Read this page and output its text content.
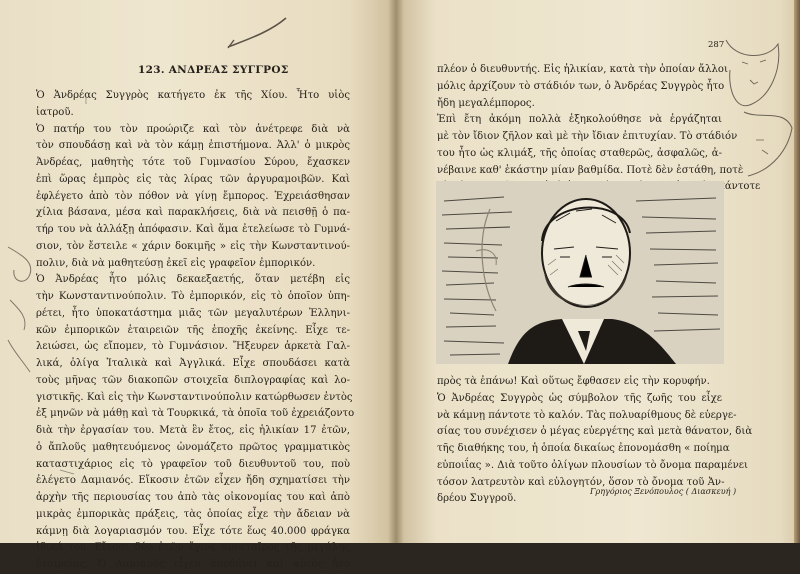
123. ΑΝΔΡΕΑΣ ΣΥΓΓΡΟΣ
Ὁ Ἀνδρέας Συγγρὸς κατήγετο ἐκ τῆς Χίου. Ἦτο υἱὸς
ἰατροῦ.
Ὁ πατήρ του τὸν προώριζε καὶ τὸν ἀνέτρεφε διὰ νὰ
τὸν σπουδάσῃ καὶ νὰ τὸν κάμῃ ἐπιστήμονα. Ἀλλ' ὁ μικρὸς
Ἀνδρέας, μαθητὴς τότε τοῦ Γυμνασίου Σύρου, ἔχασκεν
ἐπὶ ὥρας ἐμπρὸς εἰς τὰς λίρας τῶν ἀργυραμοιβῶν. Καὶ
ἐφλέγετο ἀπὸ τὸν πόθον νὰ γίνῃ ἔμπορος. Ἐχρειάσθησαν
χίλια βάσανα, μέσα καὶ παρακλήσεις, διὰ νὰ πεισθῇ ὁ πα-
τήρ του νὰ ἀλλάξῃ ἀπόφασιν. Καὶ ἅμα ἐτελείωσε τὸ Γυμνά-
σιον, τὸν ἔστειλε « χάριν δοκιμῆς » εἰς τὴν Κωνσταντινού-
πολιν, διὰ νὰ μαθητεύσῃ ἐκεῖ εἰς γραφεῖον ἐμπορικόν.
Ὁ Ἀνδρέας ἦτο μόλις δεκαεξαετής, ὅταν μετέβη εἰς
τὴν Κωνσταντινούπολιν. Τὸ ἐμπορικόν, εἰς τὸ ὁποῖον ὑπη-
ρέτει, ἦτο ὑποκατάστημα μιᾶς τῶν μεγαλυτέρων Ἑλληνι-
κῶν ἐμπορικῶν ἑταιρειῶν τῆς ἐποχῆς ἐκείνης. Εἶχε τε-
λειώσει, ὡς εἴπομεν, τὸ Γυμνάσιον. Ἤξευρεν ἀρκετὰ Γαλ-
λικά, ὀλίγα Ἰταλικὰ καὶ Ἀγγλικά. Εἶχε σπουδάσει κατὰ
τοὺς μῆνας τῶν διακοπῶν στοιχεῖα διπλογραφίας καὶ λο-
γιστικῆς. Καὶ εἰς τὴν Κωνσταντινούπολιν κατώρθωσεν ἐντὸς
ἐξ μηνῶν νὰ μάθῃ καὶ τὰ Τουρκικά, τὰ ὁποῖα τοῦ ἐχρειάζοντο
διὰ τὴν ἐργασίαν του. Μετὰ ἓν ἔτος, εἰς ἡλικίαν 17 ἐτῶν,
ὁ ἄπλοῦς μαθητευόμενος ὠνομάζετο πρῶτος γραμματικὸς
καταστιχάριος εἰς τὸ γραφεῖον τοῦ διευθυντοῦ του, ποὺ
ἐλέγετο Δαμιανός. Εἴκοσιν ἐτῶν εἶχεν ἤδη σχηματίσει τὴν
ἀρχὴν τῆς περιουσίας του ἀπὸ τὰς οἰκονομίας του καὶ ἀπὸ
μικρὰς ἐμπορικὰς πράξεις, τὰς ὁποίας εἶχε τὴν ἄδειαν νὰ
κάμνῃ διὰ λογαριασμόν του. Εἶχε τότε ἕως 40.000 φράγκα
ἰδικά του. Εἴκοσι δύο ἐτῶν ἔγινε συνεταῖρος τῆς μεγάλης
ἑταιρείας. Ὁ Δαμιανὸς εἶχεν ἀποθάνει καὶ αὐτὸς ἦτο
287
πλέον ὁ διευθυντής. Εἰς ἡλικίαν, κατὰ τὴν ὁποίαν ἄλλοι
μόλις ἀρχίζουν τὸ στάδιόν των, ὁ Ἀνδρέας Συγγρὸς ἦτο
ἤδη μεγαλέμπορος.
Ἐπὶ ἔτη ἀκόμη πολλὰ ἐξηκολούθησε νὰ ἐργάζηται
μὲ τὸν ἴδιον ζῆλον καὶ μὲ τὴν ἴδιαν ἐπιτυχίαν. Τὸ στάδιόν
του ἦτο ὡς κλιμάξ, τῆς ὁποίας σταθερῶς, ἀσφαλῶς, ἀ-
νέβαινε καθ' ἑκάστην μίαν βαθμίδα. Ποτὲ δὲν ἐστάθη, ποτὲ
πρὸς τὰ ἐπάνω! Καὶ οὕτως ἔφθασεν εἰς τὴν κορυφήν.
Ὁ Ἀνδρέας Συγγρὸς ὡς σύμβολον τῆς ζωῆς του εἶχε
νὰ κάμνῃ πάντοτε τὸ καλόν. Τὰς πολυαρίθμους δὲ εὐεργε-
σίας του συνέχισεν ὁ μέγας εὐεργέτης καὶ μετὰ θάνατον, διὰ
τῆς διαθήκης του, ἡ ὁποία δικαίως ἐπονομάσθη « ποίημα
εὐποιΐας ». Διὰ τοῦτο ὀλίγων πλουσίων τὸ ὄνομα παραμένει
τόσον λατρευτὸν καὶ εὐλογητόν, ὅσον τὸ ὄνομα τοῦ Ἀν-
δρέου Συγγροῦ.
Γρηγόριος Ξενόπουλος ( Διασκευή )
